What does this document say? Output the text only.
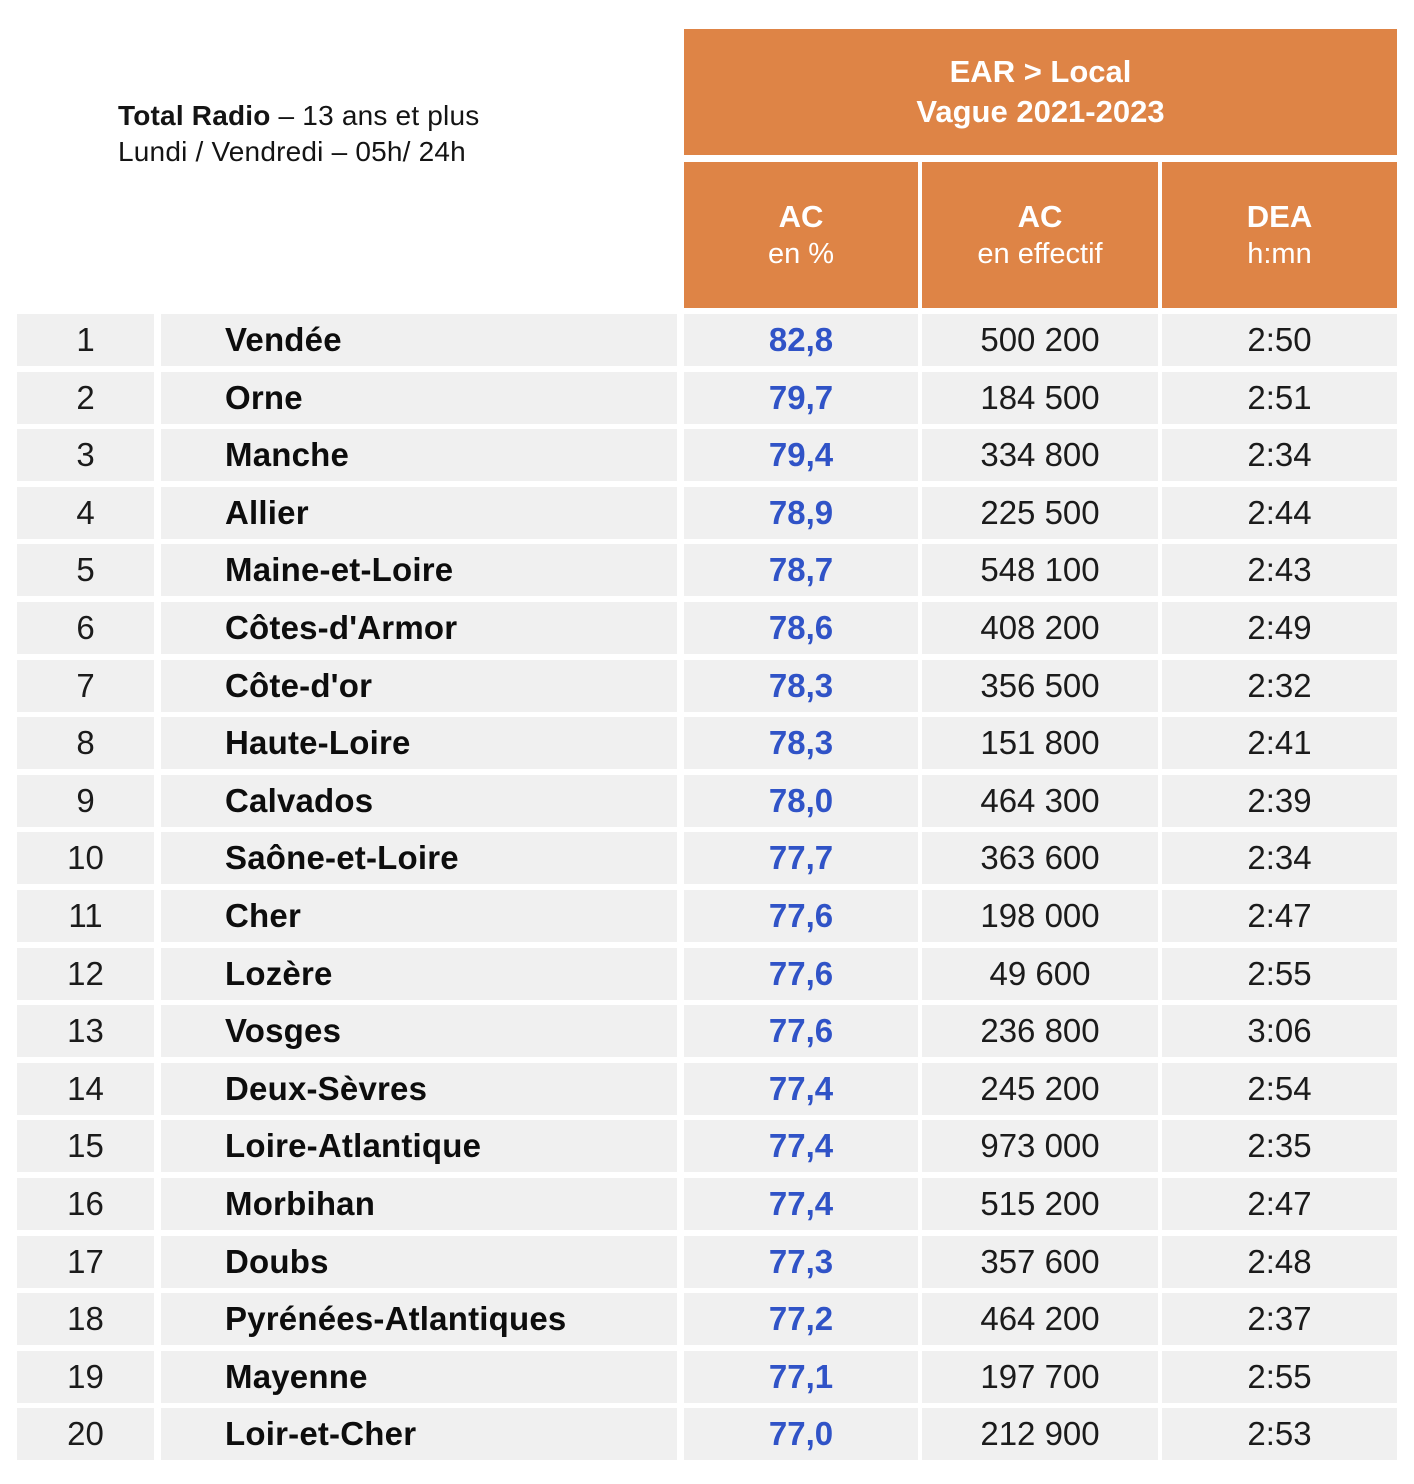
Total Radio – 13 ans et plus
Lundi / Vendredi – 05h/ 24h
EAR > Local
Vague 2021-2023
AC
en %
AC
en effectif
DEA
h:mn
1	Vendée	82,8	500 200	2:50
2	Orne	79,7	184 500	2:51
3	Manche	79,4	334 800	2:34
4	Allier	78,9	225 500	2:44
5	Maine-et-Loire	78,7	548 100	2:43
6	Côtes-d'Armor	78,6	408 200	2:49
7	Côte-d'or	78,3	356 500	2:32
8	Haute-Loire	78,3	151 800	2:41
9	Calvados	78,0	464 300	2:39
10	Saône-et-Loire	77,7	363 600	2:34
11	Cher	77,6	198 000	2:47
12	Lozère	77,6	49 600	2:55
13	Vosges	77,6	236 800	3:06
14	Deux-Sèvres	77,4	245 200	2:54
15	Loire-Atlantique	77,4	973 000	2:35
16	Morbihan	77,4	515 200	2:47
17	Doubs	77,3	357 600	2:48
18	Pyrénées-Atlantiques	77,2	464 200	2:37
19	Mayenne	77,1	197 700	2:55
20	Loir-et-Cher	77,0	212 900	2:53
